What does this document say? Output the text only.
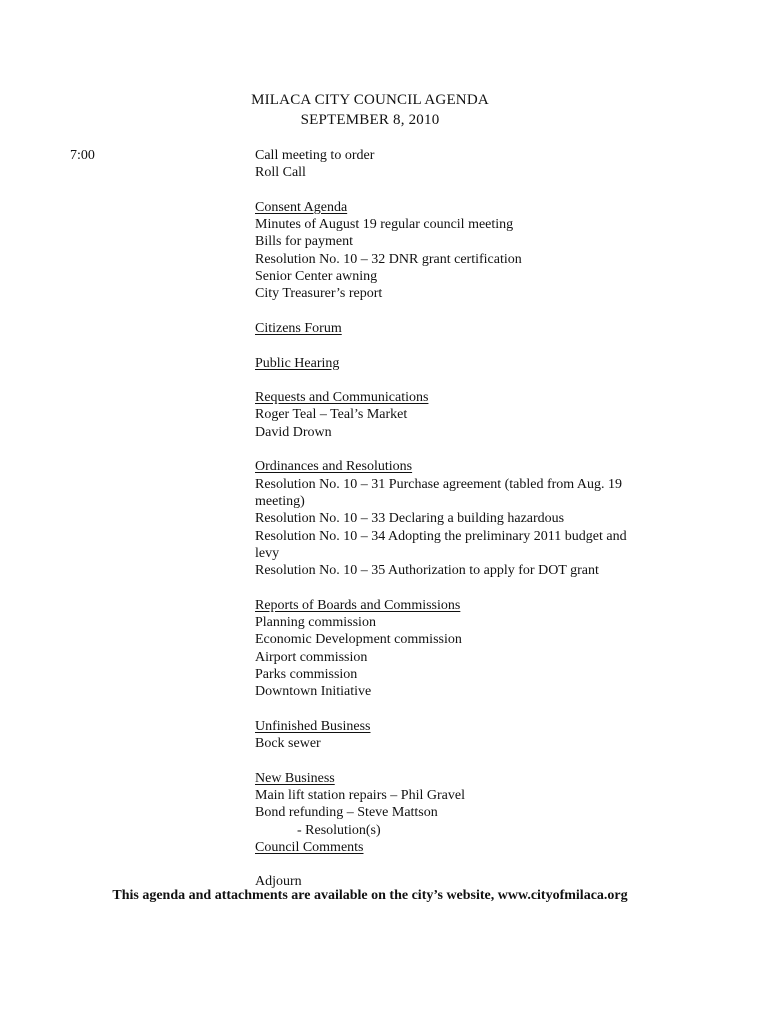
MILACA CITY COUNCIL AGENDA
SEPTEMBER 8, 2010
7:00	Call meeting to order
Roll Call
Consent Agenda
Minutes of August 19 regular council meeting
Bills for payment
Resolution No. 10 – 32 DNR grant certification
Senior Center awning
City Treasurer’s report
Citizens Forum
Public Hearing
Requests and Communications
Roger Teal – Teal’s Market
David Drown
Ordinances and Resolutions
Resolution No. 10 – 31 Purchase agreement (tabled from Aug. 19
meeting)
Resolution No. 10 – 33 Declaring a building hazardous
Resolution No. 10 – 34 Adopting the preliminary 2011 budget and
levy
Resolution No. 10 – 35 Authorization to apply for DOT grant
Reports of Boards and Commissions
Planning commission
Economic Development commission
Airport commission
Parks commission
Downtown Initiative
Unfinished Business
Bock sewer
New Business
Main lift station repairs – Phil Gravel
Bond refunding – Steve Mattson
- Resolution(s)
Council Comments
Adjourn
This agenda and attachments are available on the city’s website, www.cityofmilaca.org
